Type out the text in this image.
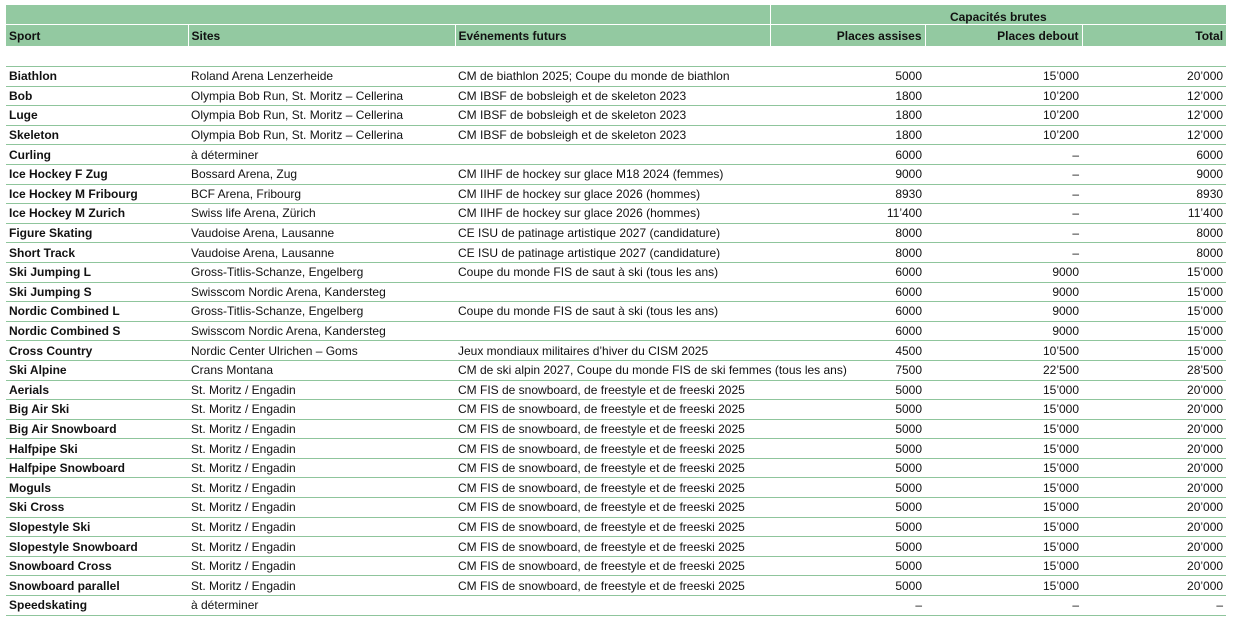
			Capacités brutes		
Sport	Sites	Evénements futurs	Places assises	Places debout	Total

Biathlon	Roland Arena Lenzerheide	CM de biathlon 2025; Coupe du monde de biathlon	5000	15’000	20’000
Bob	Olympia Bob Run, St. Moritz – Cellerina	CM IBSF de bobsleigh et de skeleton 2023	1800	10’200	12’000
Luge	Olympia Bob Run, St. Moritz – Cellerina	CM IBSF de bobsleigh et de skeleton 2023	1800	10’200	12’000
Skeleton	Olympia Bob Run, St. Moritz – Cellerina	CM IBSF de bobsleigh et de skeleton 2023	1800	10’200	12’000
Curling	à déterminer		6000	–	6000
Ice Hockey F Zug	Bossard Arena, Zug	CM IIHF de hockey sur glace M18 2024 (femmes)	9000	–	9000
Ice Hockey M Fribourg	BCF Arena, Fribourg	CM IIHF de hockey sur glace 2026 (hommes)	8930	–	8930
Ice Hockey M Zurich	Swiss life Arena, Zürich	CM IIHF de hockey sur glace 2026 (hommes)	11’400	–	11’400
Figure Skating	Vaudoise Arena, Lausanne	CE ISU de patinage artistique 2027 (candidature)	8000	–	8000
Short Track	Vaudoise Arena, Lausanne	CE ISU de patinage artistique 2027 (candidature)	8000	–	8000
Ski Jumping L	Gross-Titlis-Schanze, Engelberg	Coupe du monde FIS de saut à ski (tous les ans)	6000	9000	15’000
Ski Jumping S	Swisscom Nordic Arena, Kandersteg		6000	9000	15’000
Nordic Combined L	Gross-Titlis-Schanze, Engelberg	Coupe du monde FIS de saut à ski (tous les ans)	6000	9000	15’000
Nordic Combined S	Swisscom Nordic Arena, Kandersteg		6000	9000	15’000
Cross Country	Nordic Center Ulrichen – Goms	Jeux mondiaux militaires d’hiver du CISM 2025	4500	10’500	15’000
Ski Alpine	Crans Montana	CM de ski alpin 2027, Coupe du monde FIS de ski femmes (tous les ans)	7500	22’500	28’500
Aerials	St. Moritz / Engadin	CM FIS de snowboard, de freestyle et de freeski 2025	5000	15’000	20’000
Big Air Ski	St. Moritz / Engadin	CM FIS de snowboard, de freestyle et de freeski 2025	5000	15’000	20’000
Big Air Snowboard	St. Moritz / Engadin	CM FIS de snowboard, de freestyle et de freeski 2025	5000	15’000	20’000
Halfpipe Ski	St. Moritz / Engadin	CM FIS de snowboard, de freestyle et de freeski 2025	5000	15’000	20’000
Halfpipe Snowboard	St. Moritz / Engadin	CM FIS de snowboard, de freestyle et de freeski 2025	5000	15’000	20’000
Moguls	St. Moritz / Engadin	CM FIS de snowboard, de freestyle et de freeski 2025	5000	15’000	20’000
Ski Cross	St. Moritz / Engadin	CM FIS de snowboard, de freestyle et de freeski 2025	5000	15’000	20’000
Slopestyle Ski	St. Moritz / Engadin	CM FIS de snowboard, de freestyle et de freeski 2025	5000	15’000	20’000
Slopestyle Snowboard	St. Moritz / Engadin	CM FIS de snowboard, de freestyle et de freeski 2025	5000	15’000	20’000
Snowboard Cross	St. Moritz / Engadin	CM FIS de snowboard, de freestyle et de freeski 2025	5000	15’000	20’000
Snowboard parallel	St. Moritz / Engadin	CM FIS de snowboard, de freestyle et de freeski 2025	5000	15’000	20’000
Speedskating	à déterminer		–	–	–
